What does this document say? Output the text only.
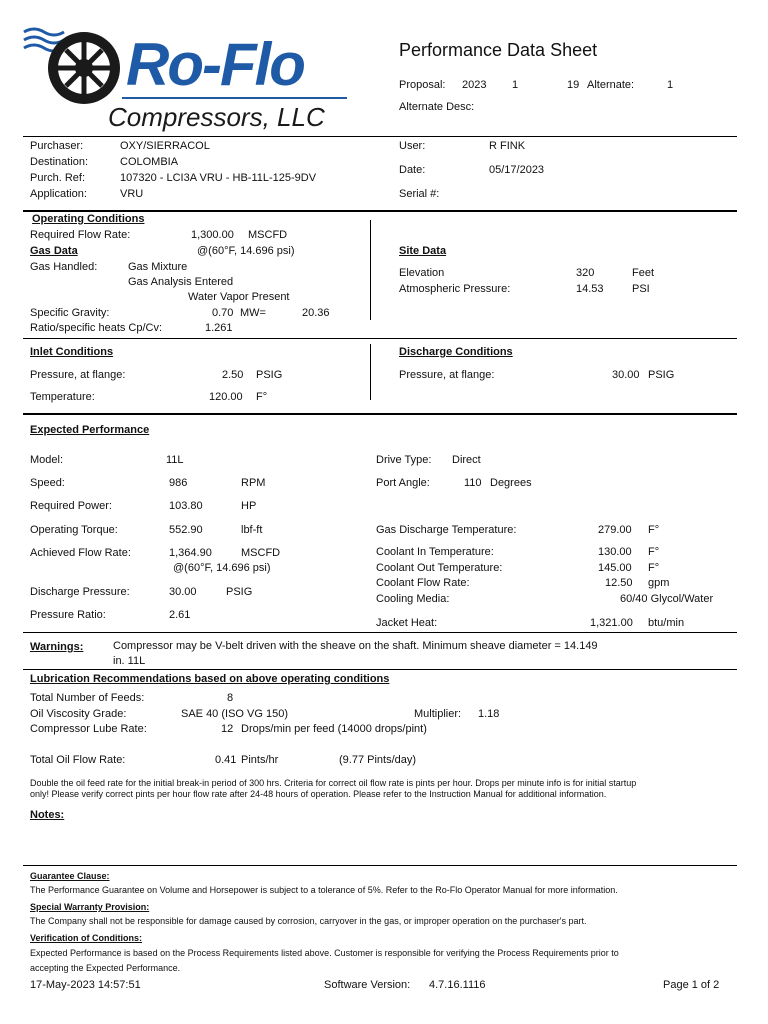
Ro-Flo
Compressors, LLC
Performance Data Sheet
Proposal: 2023 1	19 Alternate:	1
Alternate Desc:
Purchaser:	OXY/SIERRACOL
Destination:	COLOMBIA
Purch. Ref:	107320 - LCI3A VRU - HB-11L-125-9DV
Application:	VRU
User:	R FINK
Date:	05/17/2023
Serial #:
Operating Conditions
Required Flow Rate:	1,300.00 MSCFD
Gas Data	@(60°F, 14.696 psi)
Gas Handled:	Gas Mixture
Gas Analysis Entered
Water Vapor Present
Specific Gravity:	0.70 MW=	20.36
Ratio/specific heats Cp/Cv:	1.261
Site Data
Elevation	320	Feet
Atmospheric Pressure:	14.53	PSI
Inlet Conditions
Pressure, at flange:	2.50 PSIG
Temperature:	120.00 F°
Discharge Conditions
Pressure, at flange:	30.00 PSIG
Expected Performance
Model:	11L
Speed:	986	RPM
Required Power:	103.80	HP
Operating Torque:	552.90	lbf-ft
Achieved Flow Rate:	1,364.90	MSCFD
@(60°F, 14.696 psi)
Discharge Pressure:	30.00	PSIG
Pressure Ratio:	2.61
Drive Type: Direct
Port Angle:	110 Degrees
Gas Discharge Temperature:	279.00 F°
Coolant In Temperature:	130.00 F°
Coolant Out Temperature:	145.00 F°
Coolant Flow Rate:	12.50 gpm
Cooling Media:	60/40 Glycol/Water
Jacket Heat:	1,321.00 btu/min
Warnings:	Compressor may be V-belt driven with the sheave on the shaft. Minimum sheave diameter = 14.149
in. 11L
Lubrication Recommendations based on above operating conditions
Total Number of Feeds:	8
Oil Viscosity Grade:	SAE 40 (ISO VG 150)	Multiplier: 1.18
Compressor Lube Rate:	12 Drops/min per feed (14000 drops/pint)
Total Oil Flow Rate:	0.41 Pints/hr	(9.77 Pints/day)
Double the oil feed rate for the initial break-in period of 300 hrs. Criteria for correct oil flow rate is pints per hour. Drops per minute info is for initial startup
only! Please verify correct pints per hour flow rate after 24-48 hours of operation. Please refer to the Instruction Manual for additional information.
Notes:
Guarantee Clause:
The Performance Guarantee on Volume and Horsepower is subject to a tolerance of 5%. Refer to the Ro-Flo Operator Manual for more information.
Special Warranty Provision:
The Company shall not be responsible for damage caused by corrosion, carryover in the gas, or improper operation on the purchaser's part.
Verification of Conditions:
Expected Performance is based on the Process Requirements listed above. Customer is responsible for verifying the Process Requirements prior to
accepting the Expected Performance.
17-May-2023 14:57:51	Software Version: 4.7.16.1116	Page 1 of 2
